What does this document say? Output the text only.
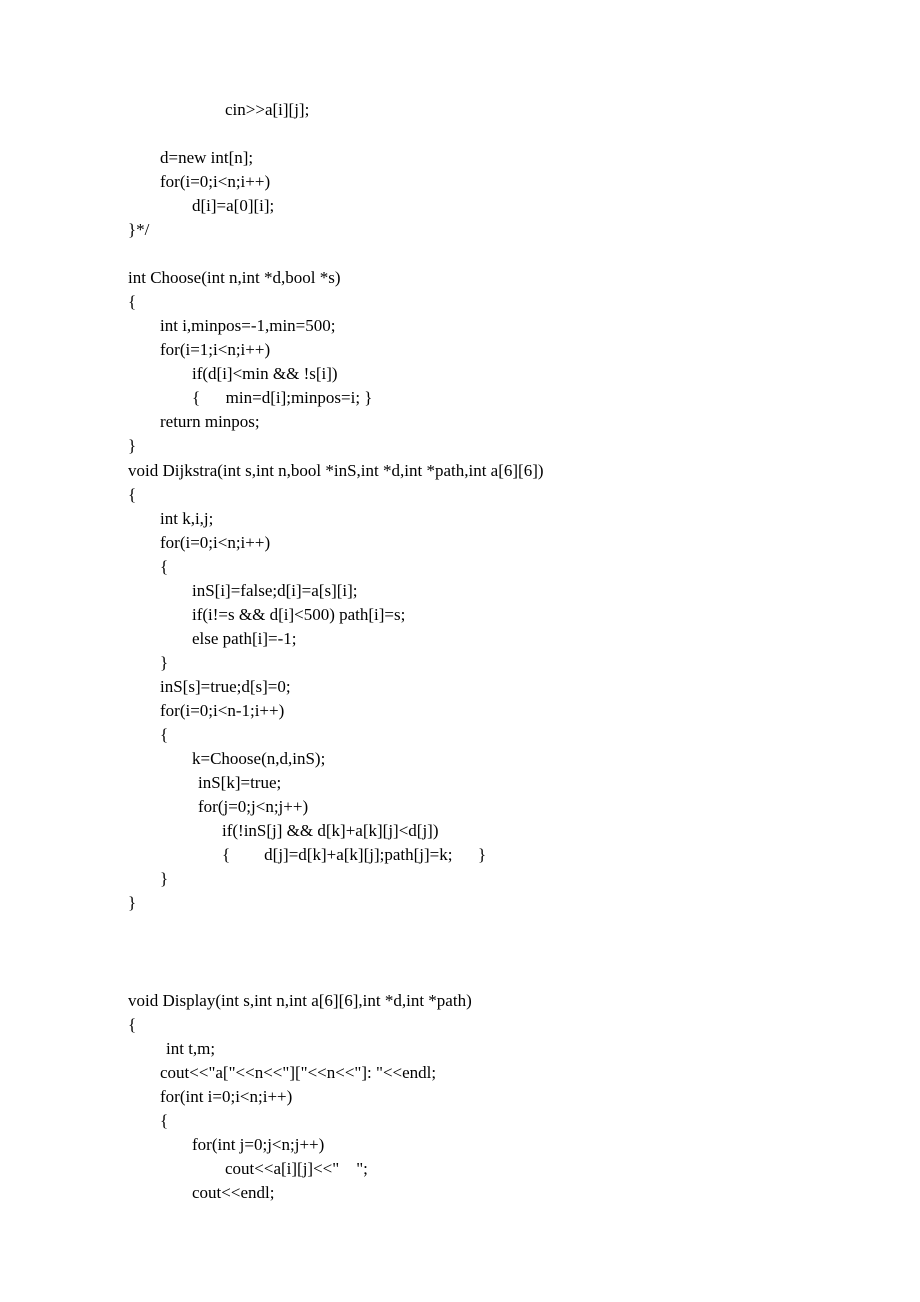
cin>>a[i][j];

d=new int[n];

for(i=0;i<n;i++)

d[i]=a[0][i];

}*/

int Choose(int n,int *d,bool *s)

{

int i,minpos=-1,min=500;

for(i=1;i<n;i++)

if(d[i]<min && !s[i])

{      min=d[i];minpos=i; }

return minpos;

}

void Dijkstra(int s,int n,bool *inS,int *d,int *path,int a[6][6])

{

int k,i,j;

for(i=0;i<n;i++)

{

inS[i]=false;d[i]=a[s][i];

if(i!=s && d[i]<500) path[i]=s;

else path[i]=-1;

}

inS[s]=true;d[s]=0;

for(i=0;i<n-1;i++)

{

k=Choose(n,d,inS);

inS[k]=true;

for(j=0;j<n;j++)

if(!inS[j] && d[k]+a[k][j]<d[j])

{        d[j]=d[k]+a[k][j];path[j]=k;      }

}

}

void Display(int s,int n,int a[6][6],int *d,int *path)

{

int t,m;

cout<<"a["<<n<<"]["<<n<<"]: "<<endl;

for(int i=0;i<n;i++)

{

for(int j=0;j<n;j++)

cout<<a[i][j]<<"    ";

cout<<endl;
